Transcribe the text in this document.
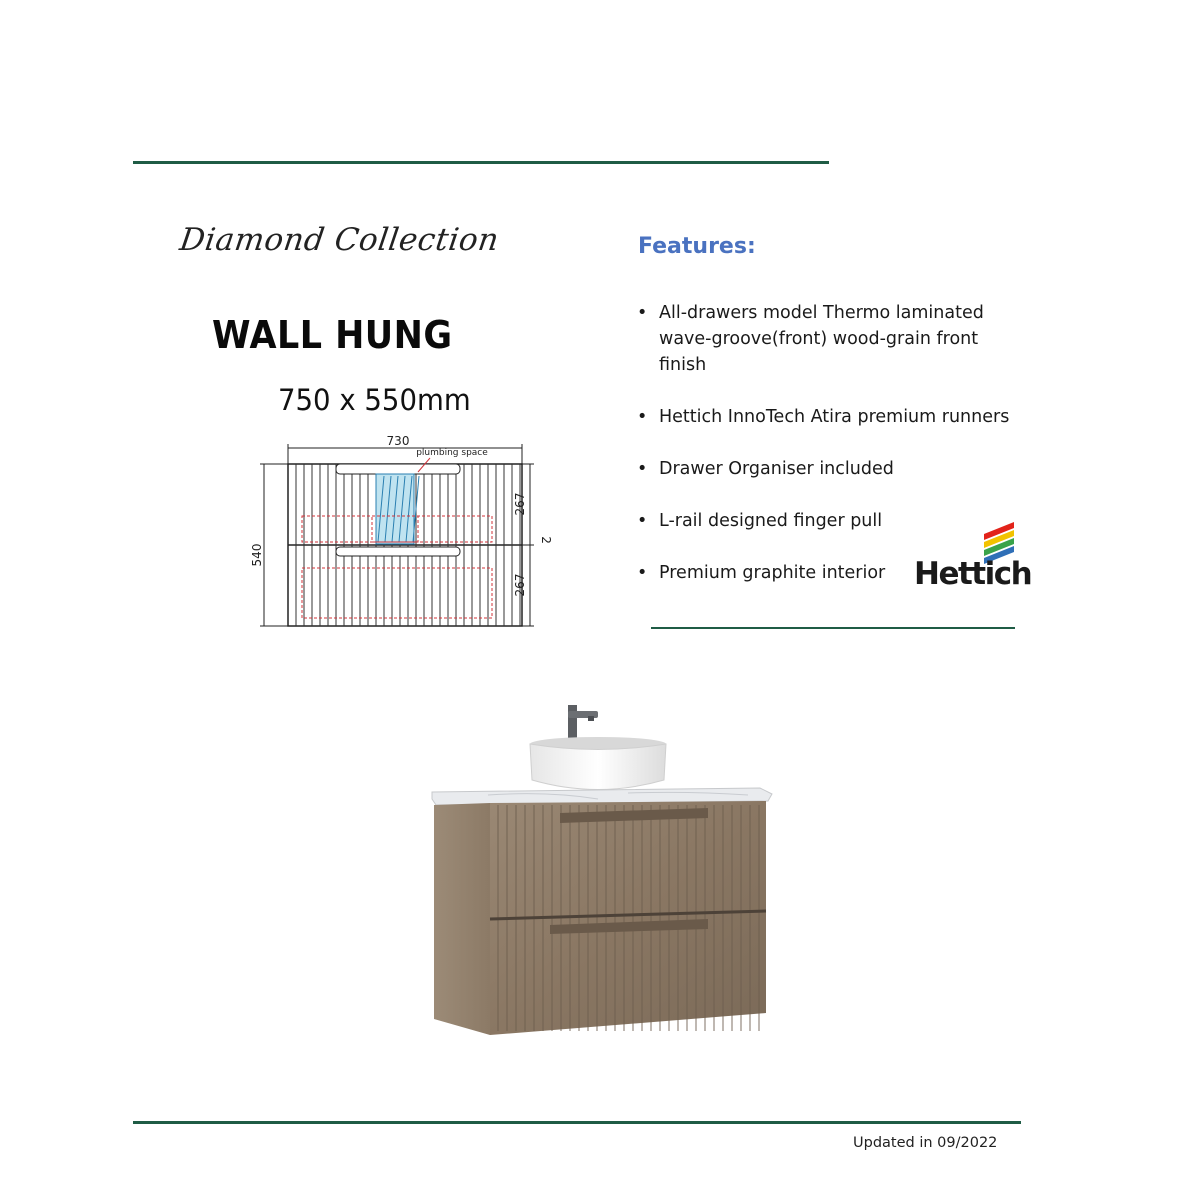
Diamond Collection
WALL HUNG
750 x 550mm
730
plumbing space
540
267
2
267
Features:
• All-drawers model Thermo laminated wave-groove(front) wood-grain front finish
• Hettich InnoTech Atira premium runners
• Drawer Organiser included
• L-rail designed finger pull
• Premium graphite interior Hettich
Updated in 09/2022
